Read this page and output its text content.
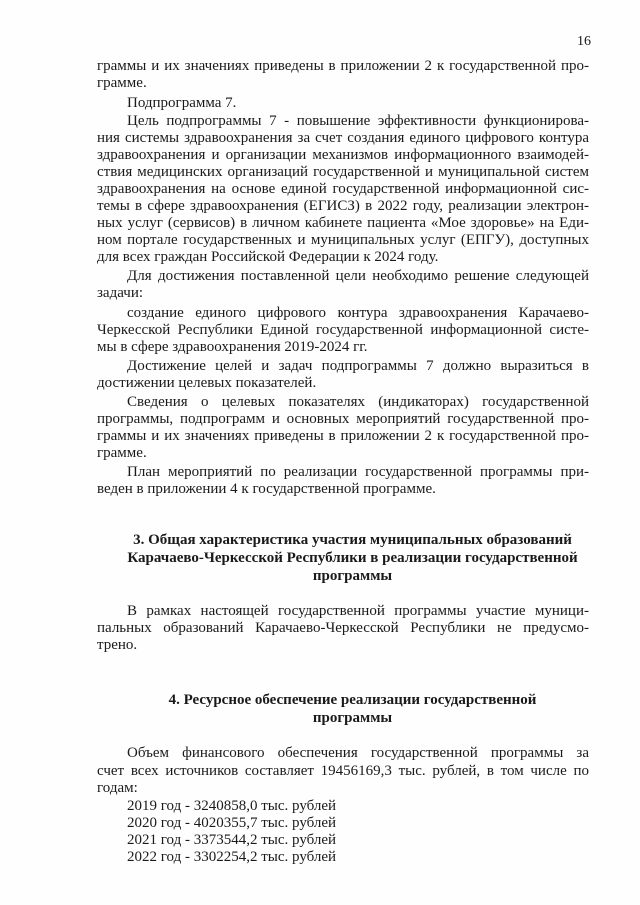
16
граммы и их значениях приведены в приложении 2 к государственной про-
грамме.
Подпрограмма 7.
Цель подпрограммы 7 - повышение эффективности функционирова-
ния системы здравоохранения за счет создания единого цифрового контура
здравоохранения и организации механизмов информационного взаимодей-
ствия медицинских организаций государственной и муниципальной систем
здравоохранения на основе единой государственной информационной сис-
темы в сфере здравоохранения (ЕГИСЗ) в 2022 году, реализации электрон-
ных услуг (сервисов) в личном кабинете пациента «Мое здоровье» на Еди-
ном портале государственных и муниципальных услуг (ЕПГУ), доступных
для всех граждан Российской Федерации к 2024 году.
Для достижения поставленной цели необходимо решение следующей
задачи:
создание единого цифрового контура здравоохранения Карачаево-
Черкесской Республики Единой государственной информационной систе-
мы в сфере здравоохранения 2019-2024 гг.
Достижение целей и задач подпрограммы 7 должно выразиться в
достижении целевых показателей.
Сведения о целевых показателях (индикаторах) государственной
программы, подпрограмм и основных мероприятий государственной про-
граммы и их значениях приведены в приложении 2 к государственной про-
грамме.
План мероприятий по реализации государственной программы при-
веден в приложении 4 к государственной программе.
3. Общая характеристика участия муниципальных образований
Карачаево-Черкесской Республики в реализации государственной
программы
В рамках настоящей государственной программы участие муници-
пальных образований Карачаево-Черкесской Республики не предусмо-
трено.
4. Ресурсное обеспечение реализации государственной
программы
Объем финансового обеспечения государственной программы за
счет всех источников составляет 19456169,3 тыс. рублей, в том числе по
годам:
2019 год - 3240858,0 тыс. рублей
2020 год - 4020355,7 тыс. рублей
2021 год - 3373544,2 тыс. рублей
2022 год - 3302254,2 тыс. рублей
